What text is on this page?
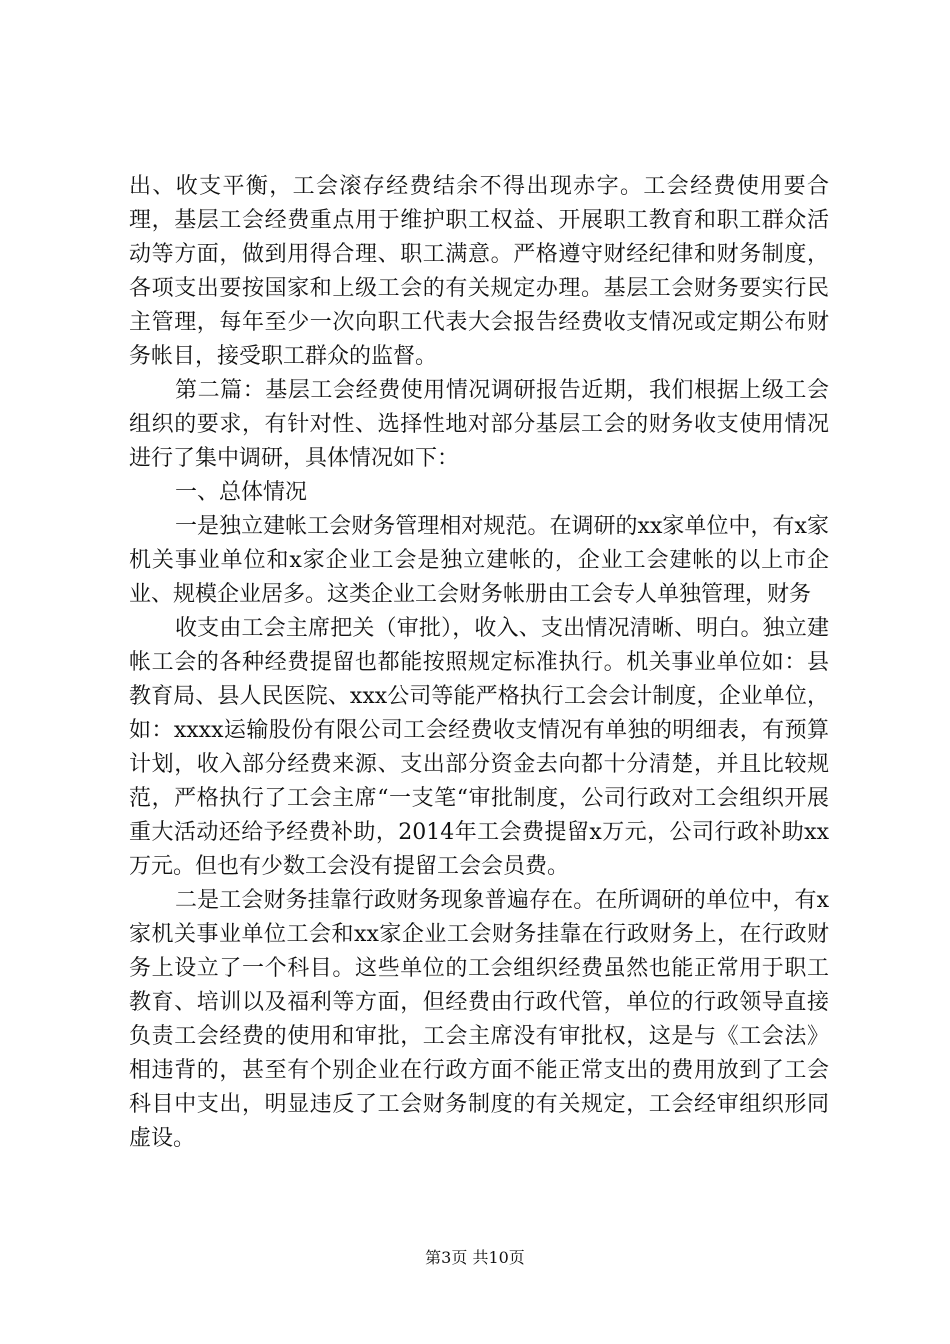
出、收支平衡，工会滚存经费结余不得出现赤字。工会经费使用要合理，基层工会经费重点用于维护职工权益、开展职工教育和职工群众活动等方面，做到用得合理、职工满意。严格遵守财经纪律和财务制度，各项支出要按国家和上级工会的有关规定办理。基层工会财务要实行民主管理，每年至少一次向职工代表大会报告经费收支情况或定期公布财务帐目，接受职工群众的监督。

第二篇：基层工会经费使用情况调研报告近期，我们根据上级工会组织的要求，有针对性、选择性地对部分基层工会的财务收支使用情况进行了集中调研，具体情况如下：

一、总体情况

一是独立建帐工会财务管理相对规范。在调研的xx家单位中，有x家机关事业单位和x家企业工会是独立建帐的，企业工会建帐的以上市企业、规模企业居多。这类企业工会财务帐册由工会专人单独管理，财务

收支由工会主席把关（审批），收入、支出情况清晰、明白。独立建帐工会的各种经费提留也都能按照规定标准执行。机关事业单位如：县教育局、县人民医院、xxx公司等能严格执行工会会计制度，企业单位，如：xxxx运输股份有限公司工会经费收支情况有单独的明细表，有预算计划，收入部分经费来源、支出部分资金去向都十分清楚，并且比较规范，严格执行了工会主席“一支笔“审批制度，公司行政对工会组织开展重大活动还给予经费补助，2014年工会费提留x万元，公司行政补助xx万元。但也有少数工会没有提留工会会员费。

二是工会财务挂靠行政财务现象普遍存在。在所调研的单位中，有x家机关事业单位工会和xx家企业工会财务挂靠在行政财务上，在行政财务上设立了一个科目。这些单位的工会组织经费虽然也能正常用于职工教育、培训以及福利等方面，但经费由行政代管，单位的行政领导直接负责工会经费的使用和审批，工会主席没有审批权，这是与《工会法》相违背的，甚至有个别企业在行政方面不能正常支出的费用放到了工会科目中支出，明显违反了工会财务制度的有关规定，工会经审组织形同虚设。

第3页 共10页
